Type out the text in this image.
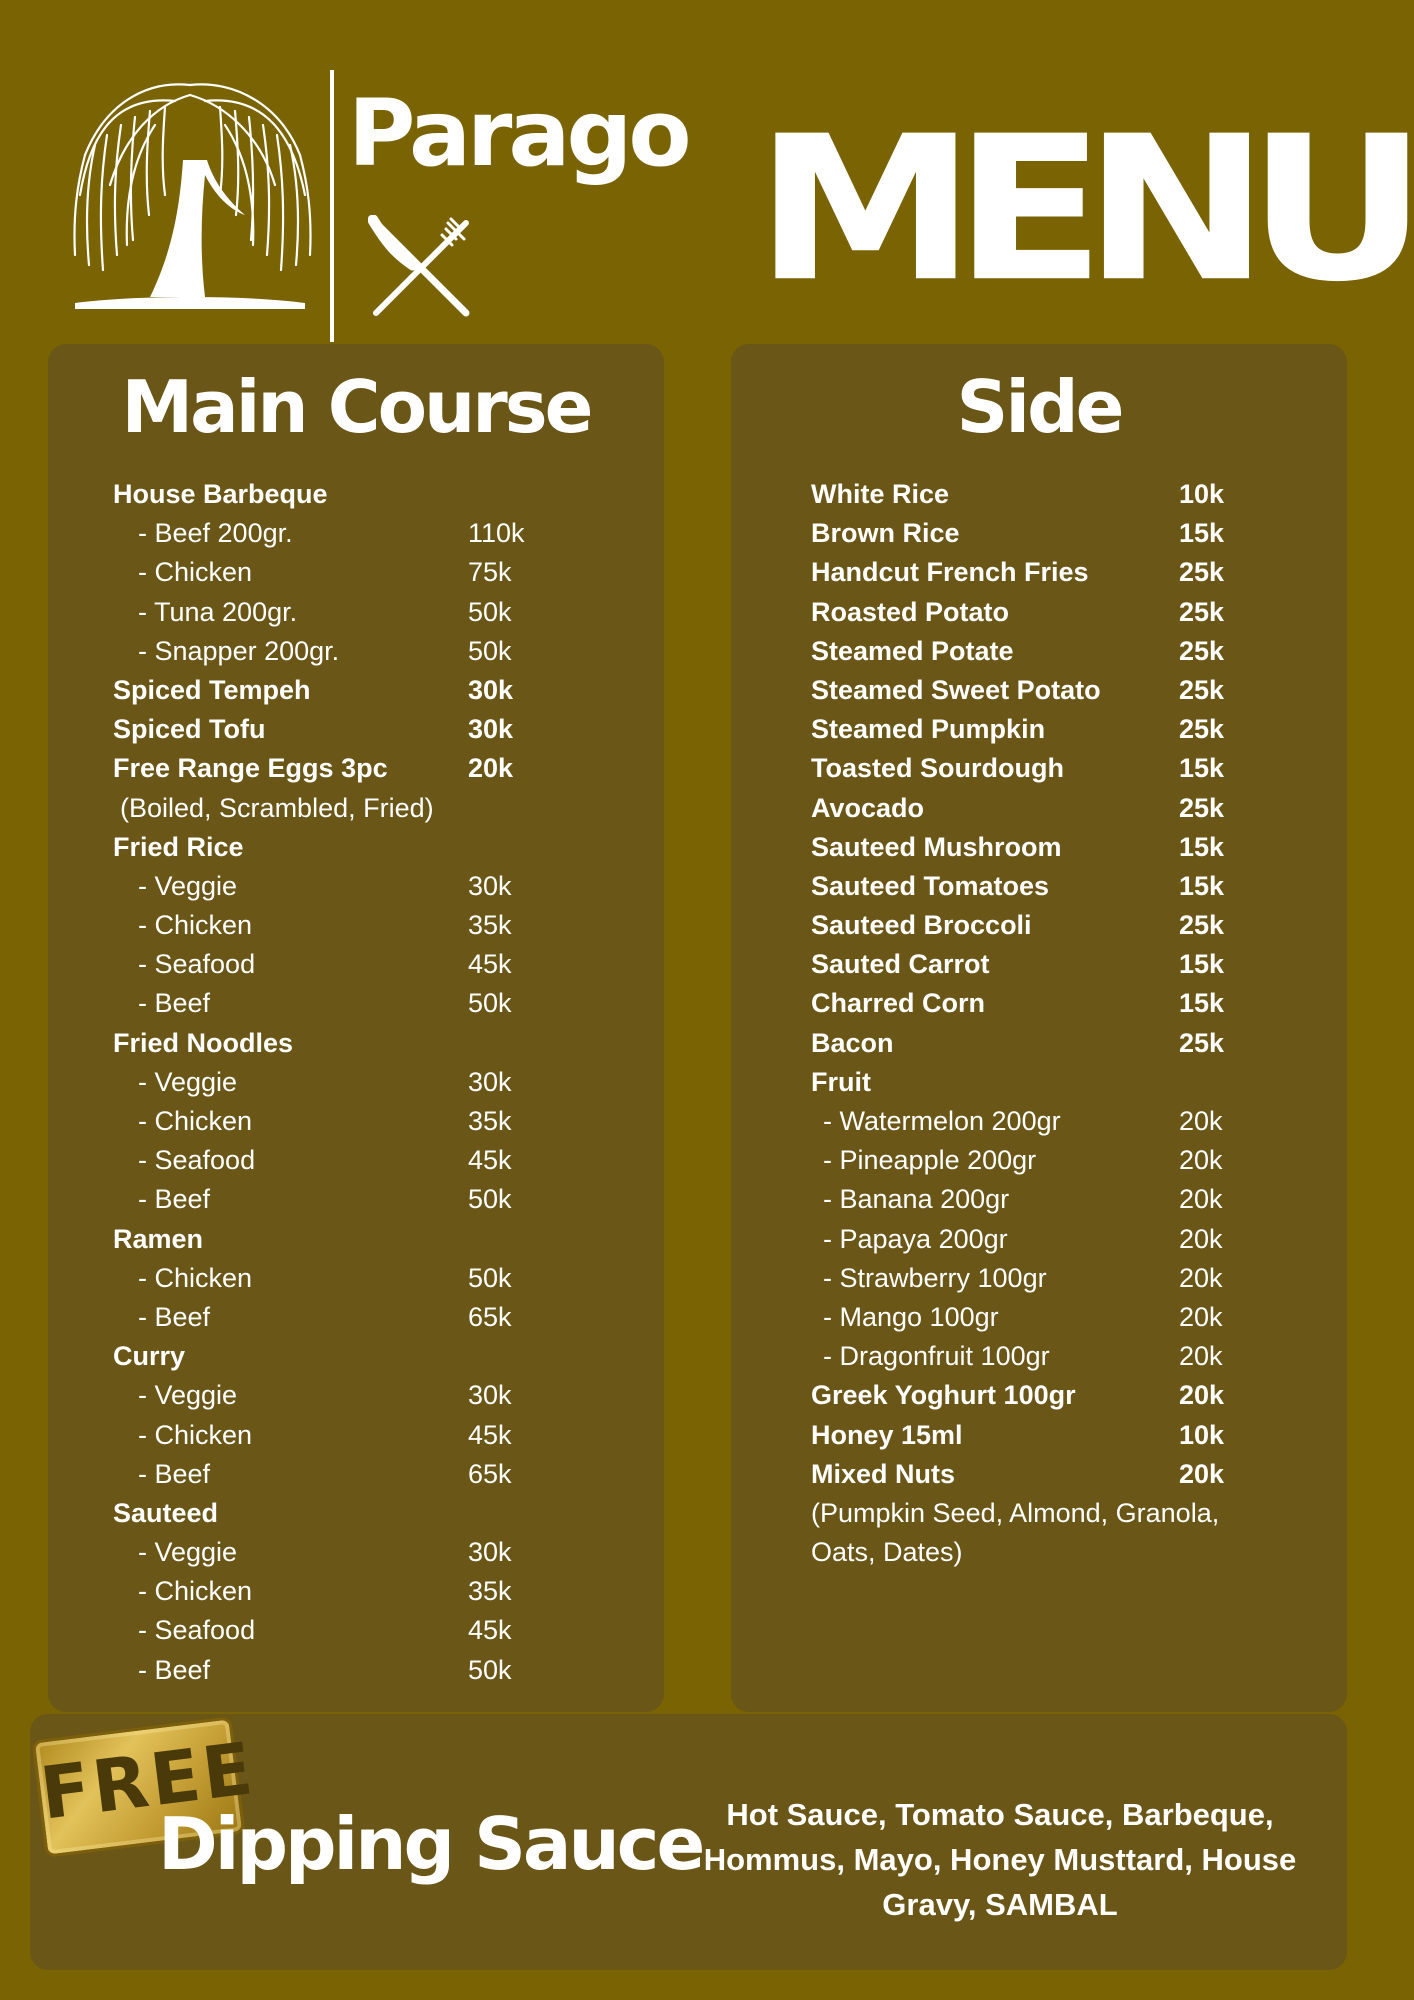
Parago MENU
Main Course
House Barbeque
- Beef 200gr.	110k
- Chicken	75k
- Tuna 200gr.	50k
- Snapper 200gr.	50k
Spiced Tempeh	30k
Spiced Tofu	30k
Free Range Eggs 3pc	20k
(Boiled, Scrambled, Fried)
Fried Rice
- Veggie	30k
- Chicken	35k
- Seafood	45k
- Beef	50k
Fried Noodles
- Veggie	30k
- Chicken	35k
- Seafood	45k
- Beef	50k
Ramen
- Chicken	50k
- Beef	65k
Curry
- Veggie	30k
- Chicken	45k
- Beef	65k
Sauteed
- Veggie	30k
- Chicken	35k
- Seafood	45k
- Beef	50k
Side
White Rice	10k
Brown Rice	15k
Handcut French Fries	25k
Roasted Potato	25k
Steamed Potate	25k
Steamed Sweet Potato	25k
Steamed Pumpkin	25k
Toasted Sourdough	15k
Avocado	25k
Sauteed Mushroom	15k
Sauteed Tomatoes	15k
Sauteed Broccoli	25k
Sauted Carrot	15k
Charred Corn	15k
Bacon	25k
Fruit
- Watermelon 200gr	20k
- Pineapple 200gr	20k
- Banana 200gr	20k
- Papaya 200gr	20k
- Strawberry 100gr	20k
- Mango 100gr	20k
- Dragonfruit 100gr	20k
Greek Yoghurt 100gr	20k
Honey 15ml	10k
Mixed Nuts	20k
(Pumpkin Seed, Almond, Granola,
Oats, Dates)
FREE
Dipping Sauce Hot Sauce, Tomato Sauce, Barbeque,
Hommus, Mayo, Honey Musttard, House
Gravy, SAMBAL
